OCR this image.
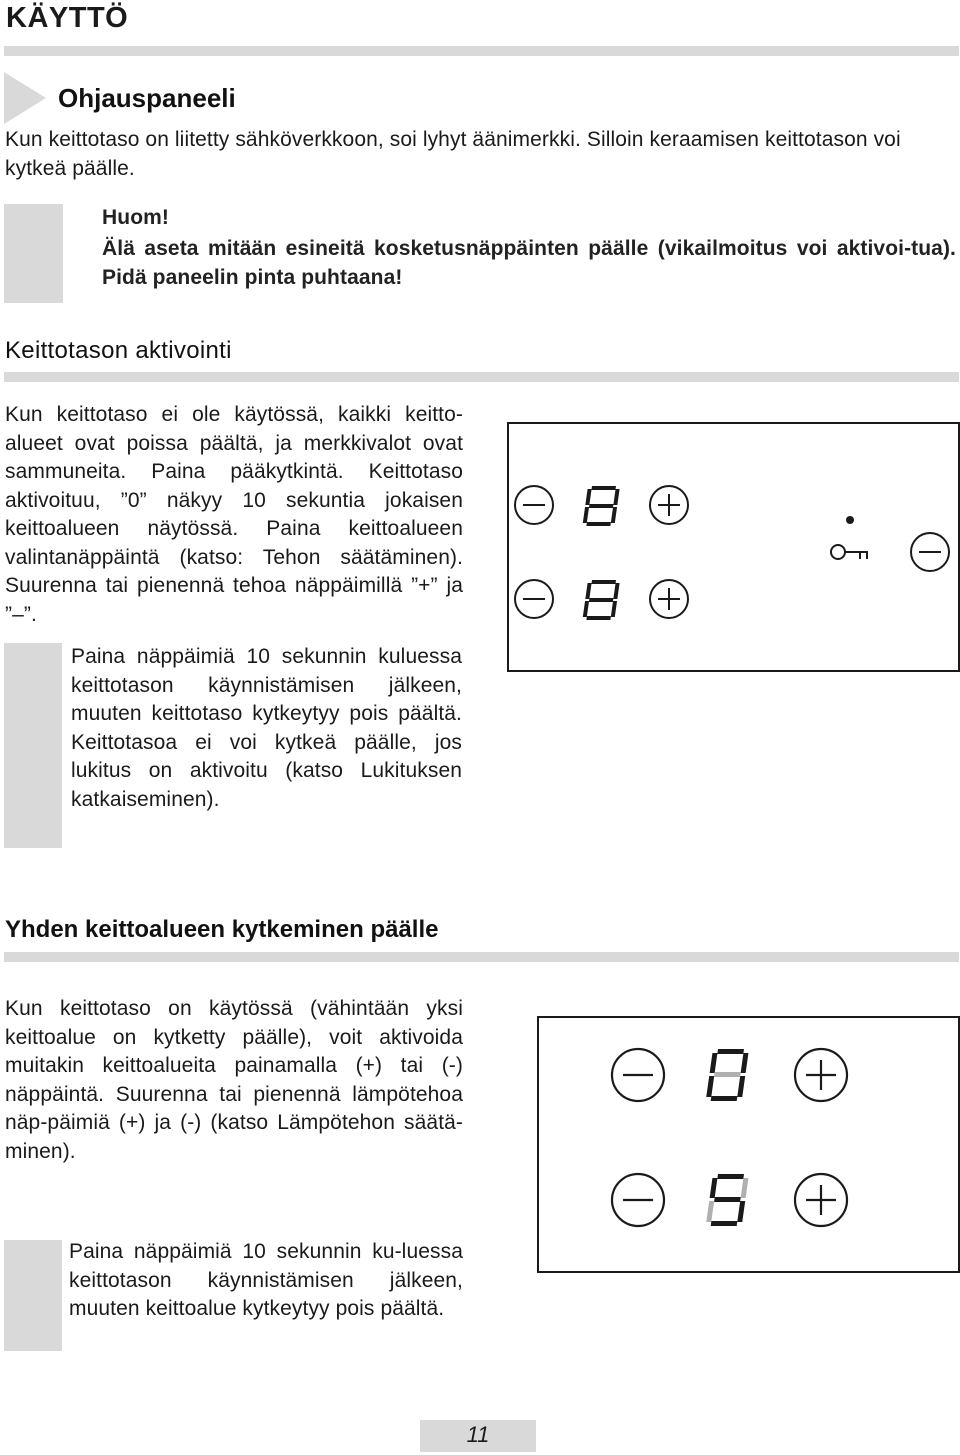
KÄYTTÖ
Ohjauspaneeli
Kun keittotaso on liitetty sähköverkkoon, soi lyhyt äänimerkki. Silloin keraamisen keittotason voi kytkeä päälle.
Huom!
Älä aseta mitään esineitä kosketusnäppäinten päälle (vikailmoitus voi aktivoi-tua). Pidä paneelin pinta puhtaana!
Keittotason aktivointi
Kun keittotaso ei ole käytössä, kaikki keitto-alueet ovat poissa päältä, ja merkkivalot ovat sammuneita. Paina pääkytkintä. Keittotaso aktivoituu, ”0” näkyy 10 sekuntia jokaisen keittoalueen näytössä. Paina keittoalueen valintanäppäintä (katso: Tehon säätäminen). Suurenna tai pienennä tehoa näppäimillä ”+” ja ”–”.
Paina näppäimiä 10 sekunnin kuluessa keittotason käynnistämisen jälkeen, muuten keittotaso kytkeytyy pois päältä. Keittotasoa ei voi kytkeä päälle, jos lukitus on aktivoitu (katso Lukituksen katkaiseminen).
Yhden keittoalueen kytkeminen päälle
Kun keittotaso on käytössä (vähintään yksi keittoalue on kytketty päälle), voit aktivoida muitakin keittoalueita painamalla (+) tai (-) näppäintä. Suurenna tai pienennä lämpötehoa näp-päimiä (+) ja (-) (katso Lämpötehon säätä-minen).
Paina näppäimiä 10 sekunnin ku-luessa keittotason käynnistämisen jälkeen, muuten keittoalue kytkeytyy pois päältä.
11
